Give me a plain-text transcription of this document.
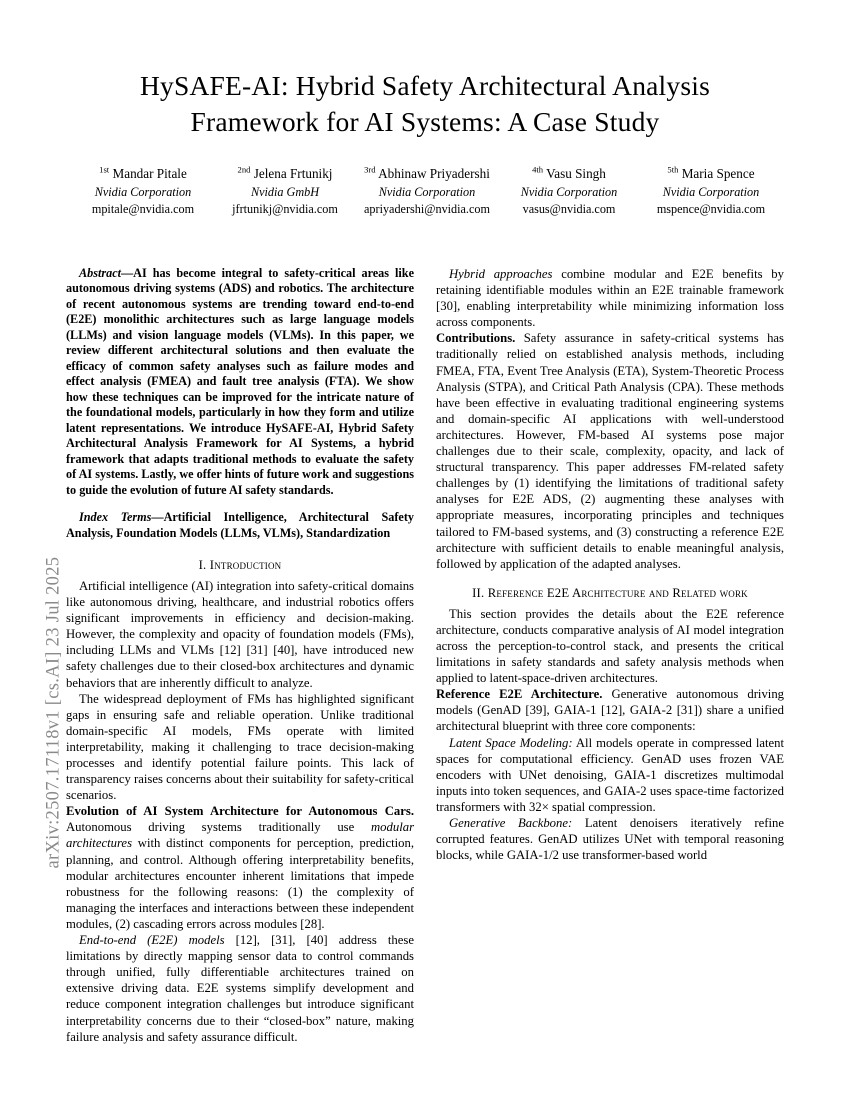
arXiv:2507.17118v1 [cs.AI] 23 Jul 2025
HySAFE-AI: Hybrid Safety Architectural Analysis Framework for AI Systems: A Case Study
$^{1st}$ Mandar Pitale
Nvidia Corporation
mpitale@nvidia.com
$^{2nd}$ Jelena Frtunikj
Nvidia GmbH
jfrtunikj@nvidia.com
$^{3rd}$ Abhinaw Priyadershi
Nvidia Corporation
apriyadershi@nvidia.com
$^{4th}$ Vasu Singh
Nvidia Corporation
vasus@nvidia.com
$^{5th}$ Maria Spence
Nvidia Corporation
mspence@nvidia.com

Abstract—AI has become integral to safety-critical areas like autonomous driving systems (ADS) and robotics. The architecture of recent autonomous systems are trending toward end-to-end (E2E) monolithic architectures such as large language models (LLMs) and vision language models (VLMs). In this paper, we review different architectural solutions and then evaluate the efficacy of common safety analyses such as failure modes and effect analysis (FMEA) and fault tree analysis (FTA). We show how these techniques can be improved for the intricate nature of the foundational models, particularly in how they form and utilize latent representations. We introduce HySAFE-AI, Hybrid Safety Architectural Analysis Framework for AI Systems, a hybrid framework that adapts traditional methods to evaluate the safety of AI systems. Lastly, we offer hints of future work and suggestions to guide the evolution of future AI safety standards.

Index Terms—Artificial Intelligence, Architectural Safety Analysis, Foundation Models (LLMs, VLMs), Standardization

I. Introduction

Artificial intelligence (AI) integration into safety-critical domains like autonomous driving, healthcare, and industrial robotics offers significant improvements in efficiency and decision-making. However, the complexity and opacity of foundation models (FMs), including LLMs and VLMs [12] [31] [40], have introduced new safety challenges due to their closed-box architectures and dynamic behaviors that are inherently difficult to analyze.

The widespread deployment of FMs has highlighted significant gaps in ensuring safe and reliable operation. Unlike traditional domain-specific AI models, FMs operate with limited interpretability, making it challenging to trace decision-making processes and identify potential failure points. This lack of transparency raises concerns about their suitability for safety-critical scenarios.

Evolution of AI System Architecture for Autonomous Cars. Autonomous driving systems traditionally use modular architectures with distinct components for perception, prediction, planning, and control. Although offering interpretability benefits, modular architectures encounter inherent limitations that impede robustness for the following reasons: (1) the complexity of managing the interfaces and interactions between these independent modules, (2) cascading errors across modules [28].

End-to-end (E2E) models [12], [31], [40] address these limitations by directly mapping sensor data to control commands through unified, fully differentiable architectures trained on extensive driving data. E2E systems simplify development and reduce component integration challenges but introduce significant interpretability concerns due to their “closed-box” nature, making failure analysis and safety assurance difficult.

Hybrid approaches combine modular and E2E benefits by retaining identifiable modules within an E2E trainable framework [30], enabling interpretability while minimizing information loss across components.

Contributions. Safety assurance in safety-critical systems has traditionally relied on established analysis methods, including FMEA, FTA, Event Tree Analysis (ETA), System-Theoretic Process Analysis (STPA), and Critical Path Analysis (CPA). These methods have been effective in evaluating traditional engineering systems and domain-specific AI applications with well-understood architectures. However, FM-based AI systems pose major challenges due to their scale, complexity, opacity, and lack of structural transparency. This paper addresses FM-related safety challenges by (1) identifying the limitations of traditional safety analyses for E2E ADS, (2) augmenting these analyses with appropriate measures, incorporating principles and techniques tailored to FM-based systems, and (3) constructing a reference E2E architecture with sufficient details to enable meaningful analysis, followed by application of the adapted analyses.

II. Reference E2E Architecture and Related work

This section provides the details about the E2E reference architecture, conducts comparative analysis of AI model integration across the perception-to-control stack, and presents the critical limitations in safety standards and safety analysis methods when applied to latent-space-driven architectures.

Reference E2E Architecture. Generative autonomous driving models (GenAD [39], GAIA-1 [12], GAIA-2 [31]) share a unified architectural blueprint with three core components:

Latent Space Modeling: All models operate in compressed latent spaces for computational efficiency. GenAD uses frozen VAE encoders with UNet denoising, GAIA-1 discretizes multimodal inputs into token sequences, and GAIA-2 uses space-time factorized transformers with 32× spatial compression.

Generative Backbone: Latent denoisers iteratively refine corrupted features. GenAD utilizes UNet with temporal reasoning blocks, while GAIA-1/2 use transformer-based world
